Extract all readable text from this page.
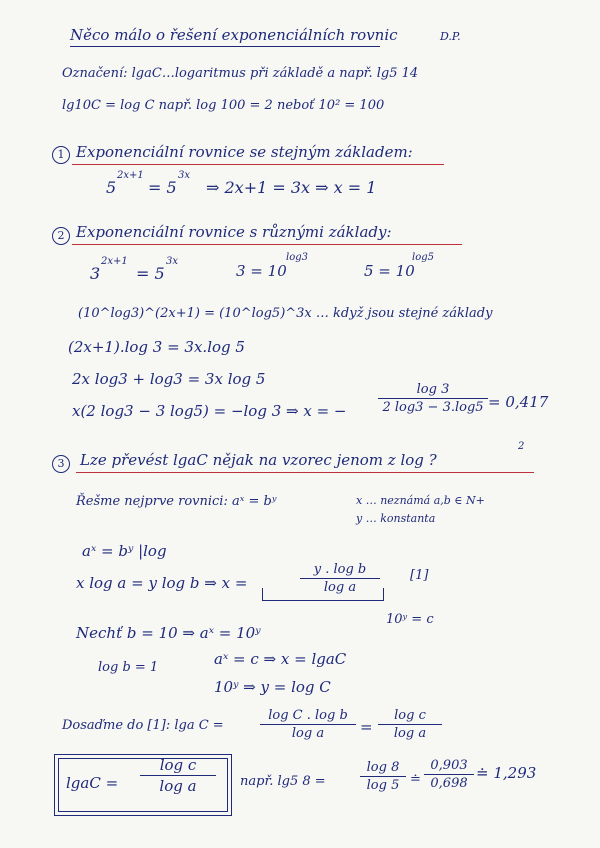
Něco málo o řešení exponenciálních rovnic	D.P.
Označení: lgaC…logaritmus při základě a např. lg5 14
lg10C = log C např. log 100 = 2 neboť 10² = 100
1 Exponenciální rovnice se stejným základem:
5
2x+1
= 5
3x
⇒ 2x+1 = 3x ⇒ x = 1
2 Exponenciální rovnice s různými základy:
3
2x+1
= 5
3x
3 = 10
log3
5 = 10
log5
(10^log3)^(2x+1) = (10^log5)^3x … když jsou stejné základy
(2x+1).log 3 = 3x.log 5
2x log3 + log3 = 3x log 5
x(2 log3 − 3 log5) = −log 3 ⇒ x = −
log 3
2 log3 − 3.log5 = 0,417
3	Lze převést lgaC nějak na vzorec jenom z log ?
2
Řešme nejprve rovnici: aˣ = bʸ	x … neznámá a,b ∈ N+
y … konstanta
aˣ = bʸ |log
x log a = y log b ⇒ x =
y . log b
log a
[1]
Nechť b = 10 ⇒ aˣ = 10ʸ
10ʸ = c
log b = 1	aˣ = c ⇒ x = lgaC
10ʸ ⇒ y = log C
Dosaďme do [1]: lga C =
log C . log b
log a	=
log c
log a
lgaC =
log c
log a	např. lg5 8 =
log 8
log 5 ≐
0,903
0,698
≐ 1,293
